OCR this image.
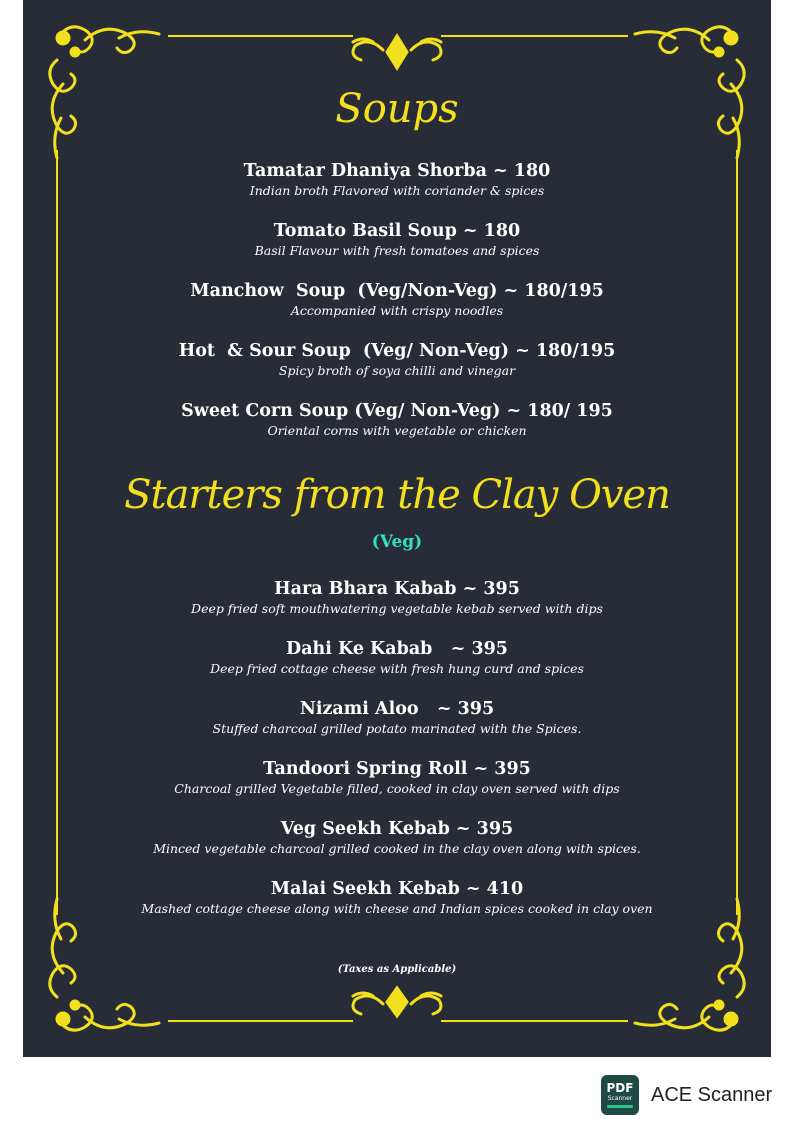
Soups
Tamatar Dhaniya Shorba ~ 180
Indian broth Flavored with coriander & spices
Tomato Basil Soup ~ 180
Basil Flavour with fresh tomatoes and spices
Manchow  Soup  (Veg/Non-Veg) ~ 180/195
Accompanied with crispy noodles
Hot  & Sour Soup  (Veg/ Non-Veg) ~ 180/195
Spicy broth of soya chilli and vinegar
Sweet Corn Soup (Veg/ Non-Veg) ~ 180/ 195
Oriental corns with vegetable or chicken
Starters from the Clay Oven
(Veg)
Hara Bhara Kabab ~ 395
Deep fried soft mouthwatering vegetable kebab served with dips
Dahi Ke Kabab   ~ 395
Deep fried cottage cheese with fresh hung curd and spices
Nizami Aloo   ~ 395
Stuffed charcoal grilled potato marinated with the Spices.
Tandoori Spring Roll ~ 395
Charcoal grilled Vegetable filled, cooked in clay oven served with dips
Veg Seekh Kebab ~ 395
Minced vegetable charcoal grilled cooked in the clay oven along with spices.
Malai Seekh Kebab ~ 410
Mashed cottage cheese along with cheese and Indian spices cooked in clay oven
(Taxes as Applicable)
PDF
Scanner ACE Scanner
